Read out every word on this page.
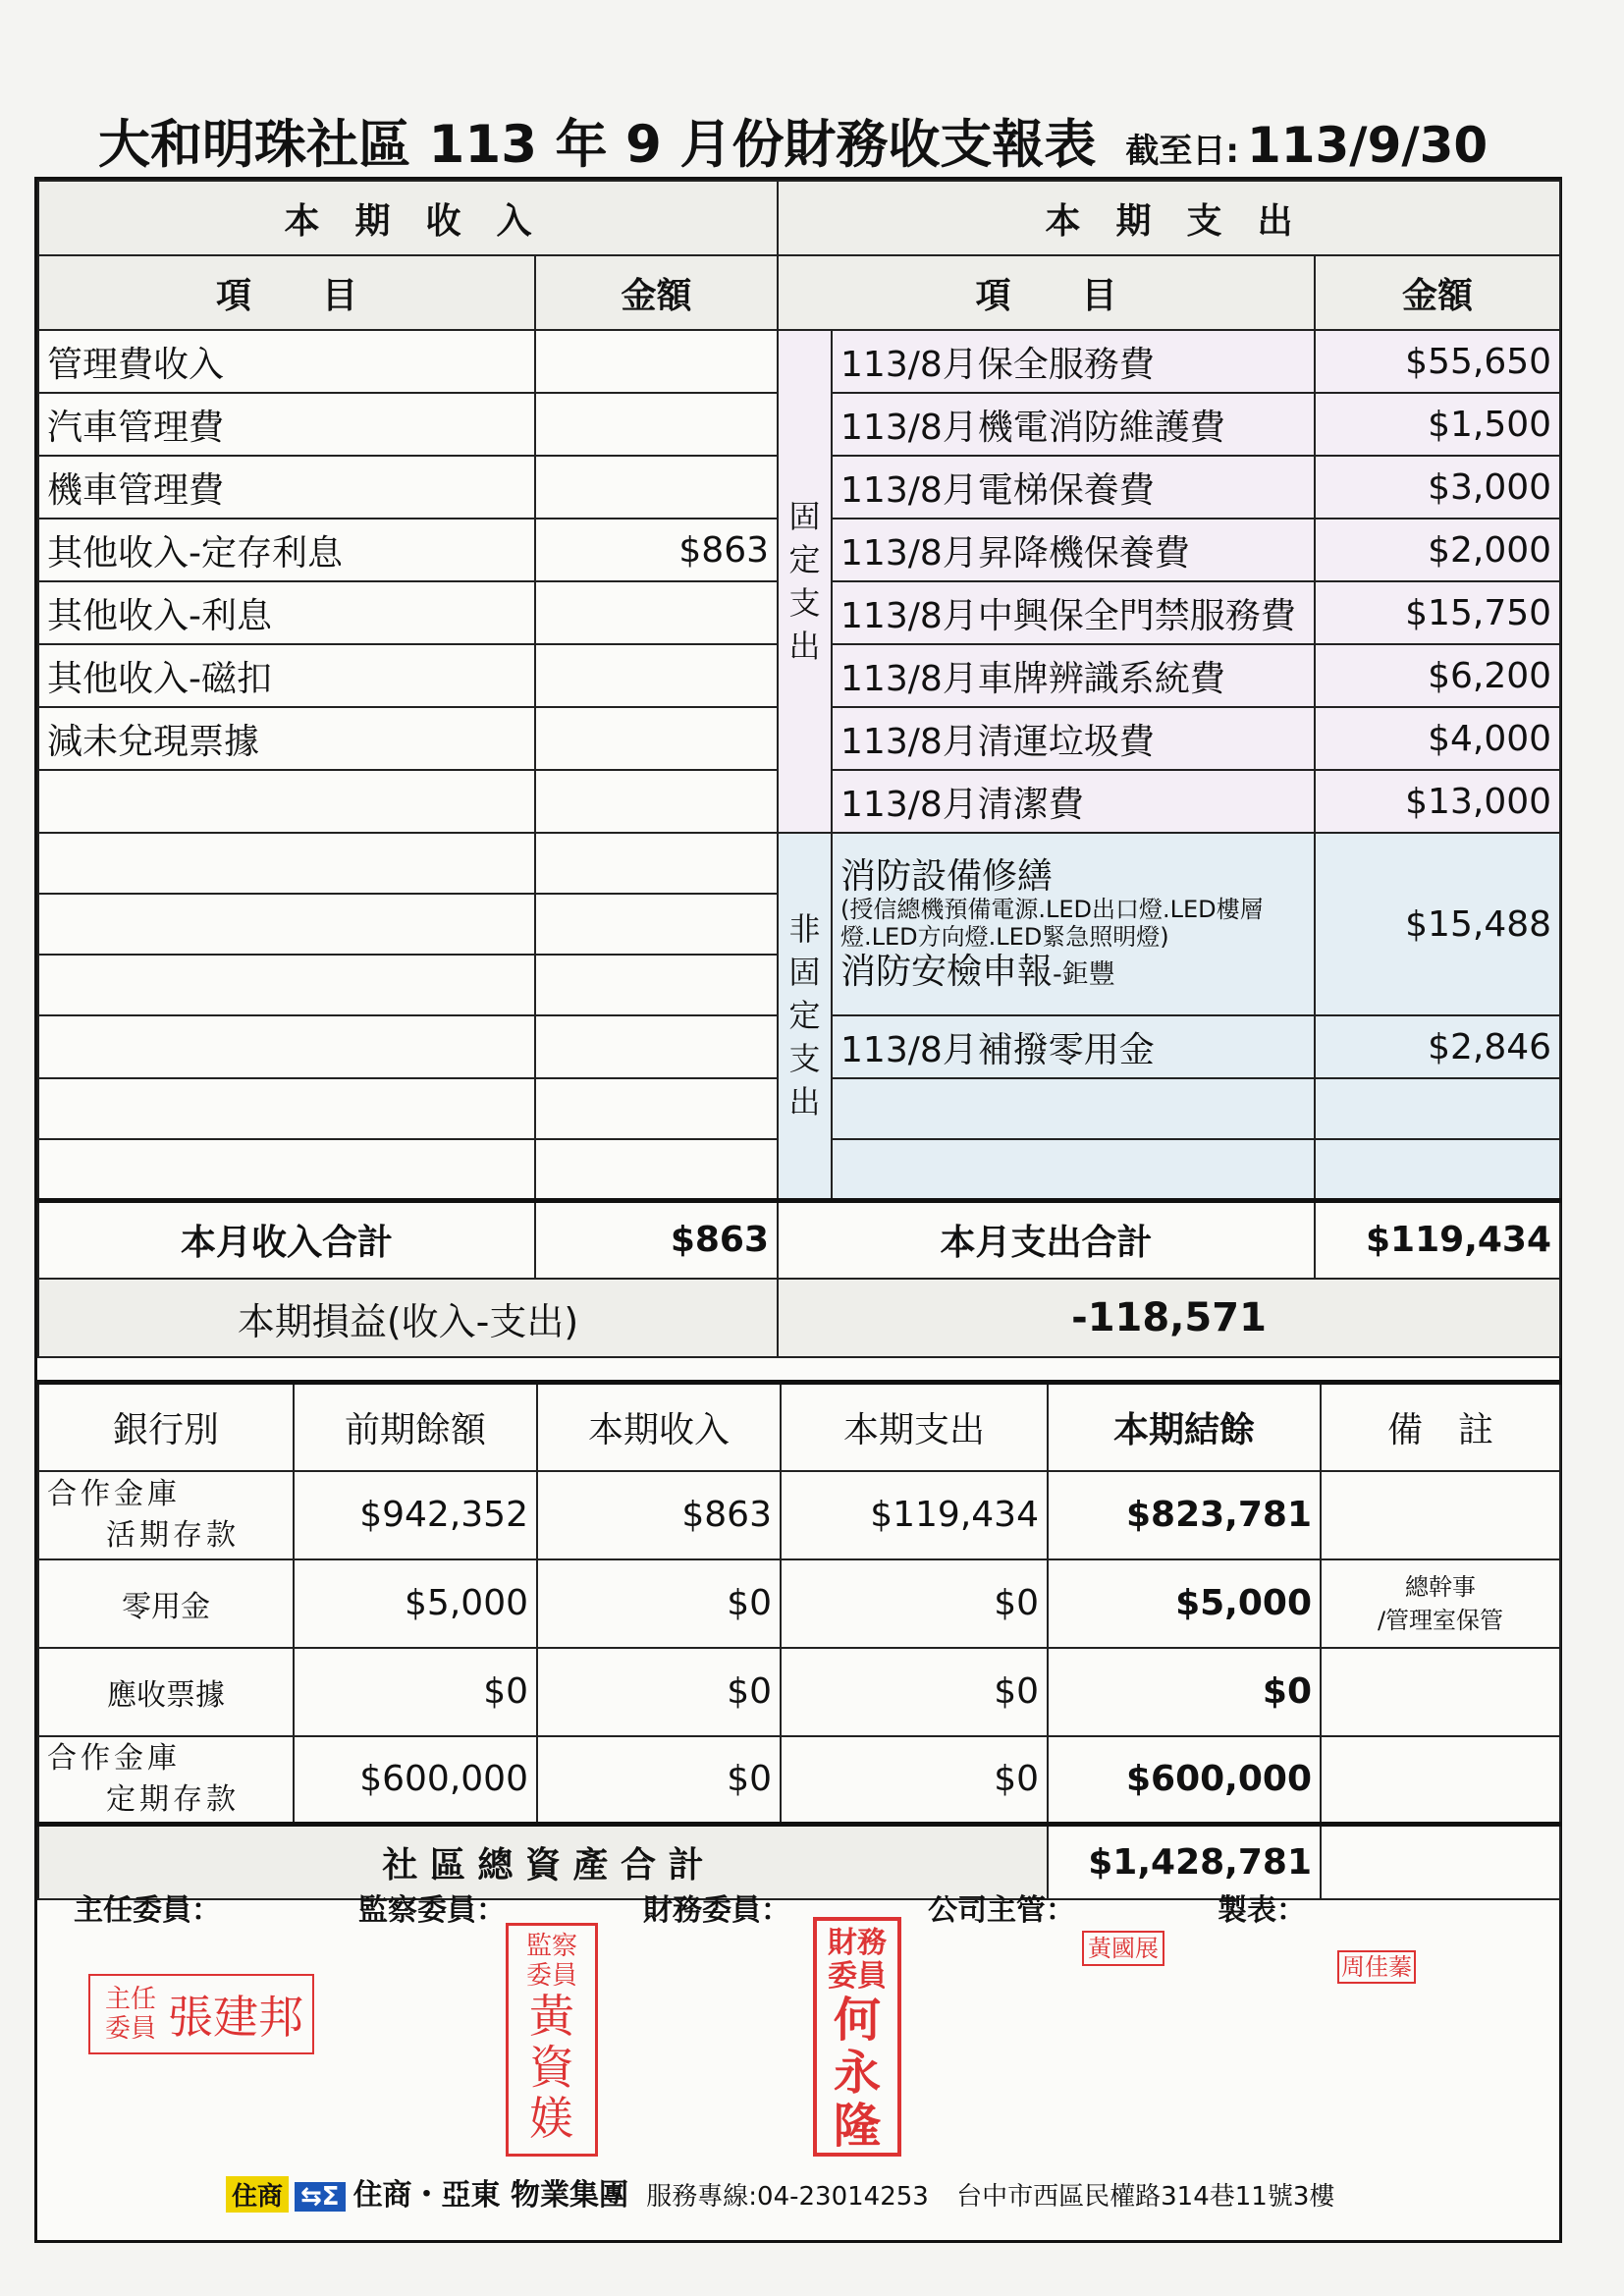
大和明珠社區 113 年 9 月份財務收支報表 截至日: 113/9/30
本　期　收　入		本　期　支　出		
項　　目	金額	項　　目		金額
管理費收入		固定支出	113/8月保全服務費	$55,650
汽車管理費			113/8月機電消防維護費	$1,500
機車管理費			113/8月電梯保養費	$3,000
其他收入-定存利息	$863		113/8月昇降機保養費	$2,000
其他收入-利息			113/8月中興保全門禁服務費	$15,750
其他收入-磁扣			113/8月車牌辨識系統費	$6,200
減未兌現票據			113/8月清運垃圾費	$4,000
			113/8月清潔費	$13,000
		非固定支出	消防設備修繕
(授信總機預備電源.LED出口燈.LED樓層
燈.LED方向燈.LED緊急照明燈)
消防安檢申報-鉅豐	$15,488

			113/8月補撥零用金	$2,846

本月收入合計	$863	本月支出合計		$119,434
本期損益(收入-支出)		-118,571		
銀行別	前期餘額	本期收入	本期支出	本期結餘	備　註

合作金庫
活期存款	$942,352	$863	$119,434	$823,781	
零用金	$5,000	$0	$0	$5,000	總幹事
/管理室保管

應收票據	$0	$0	$0	$0	

合作金庫
定期存款	$600,000	$0	$0	$600,000	
社 區 總 資 產 合 計				$1,428,781	
主任委員：	監察委員：	財務委員：	公司主管：	製表：
主任委員 張建邦
監察委員
黃資媄
財務委員
何永隆
黃國展
周佳蓁
住商 ⇆Σ 住商・亞東 物業集團 服務專線:04-23014253 台中市西區民權路314巷11號3樓
